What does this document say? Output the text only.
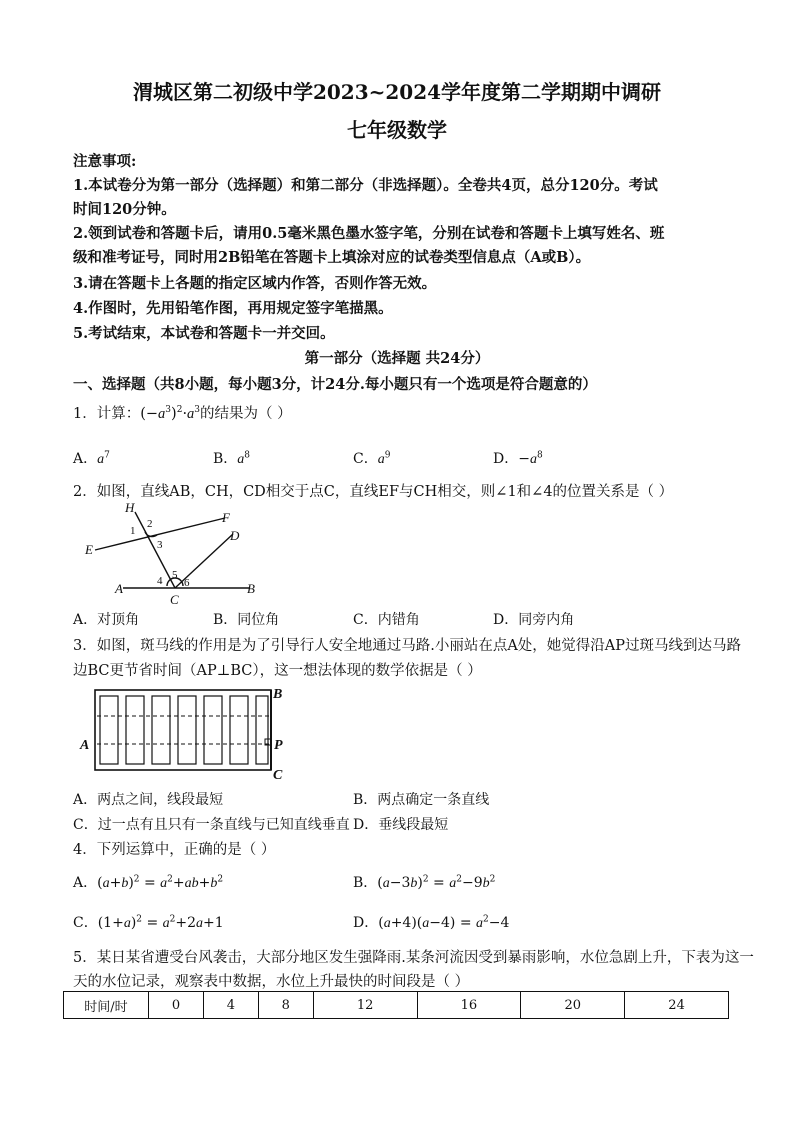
渭城区第二初级中学2023~2024学年度第二学期期中调研
七年级数学
注意事项:
1.本试卷分为第一部分（选择题）和第二部分（非选择题）。全卷共4页，总分120分。考试
时间120分钟。
2.领到试卷和答题卡后，请用0.5毫米黑色墨水签字笔，分别在试卷和答题卡上填写姓名、班
级和准考证号，同时用2B铅笔在答题卡上填涂对应的试卷类型信息点（A或B）。
3.请在答题卡上各题的指定区域内作答，否则作答无效。
4.作图时，先用铅笔作图，再用规定签字笔描黑。
5.考试结束，本试卷和答题卡一并交回。
第一部分（选择题 共24分）
一、选择题（共8小题，每小题3分，计24分.每小题只有一个选项是符合题意的）
1．计算：$(-a^3)^2\cdot a^3$的结果为（ ）
A．$a^7$	B．$a^8$	C．$a^9$	D．$-a^8$
2．如图，直线AB，CH，CD相交于点C，直线EF与CH相交，则∠1和∠4的位置关系是（ ）
H
F
D
E
A	B
C
1
2
3
4 5
6
A．对顶角	B．同位角	C．内错角	D．同旁内角
3．如图，斑马线的作用是为了引导行人安全地通过马路.小丽站在点A处，她觉得沿AP过斑马线到达马路
边BC更节省时间（AP⊥BC），这一想法体现的数学依据是（ ）
A
B
P
C
A．两点之间，线段最短	B．两点确定一条直线
C．过一点有且只有一条直线与已知直线垂直 D．垂线段最短
4．下列运算中，正确的是（ ）
A．$(a+b)^2 = a^2+ab+b^2$	B．$(a-3b)^2 = a^2-9b^2$
C．$(1+a)^2 = a^2+2a+1$	D．$(a+4)(a-4) = a^2-4$
5．某日某省遭受台风袭击，大部分地区发生强降雨.某条河流因受到暴雨影响，水位急剧上升，下表为这一
天的水位记录，观察表中数据，水位上升最快的时间段是（ ）
时间/时	0	4	8	12	16	20	24
